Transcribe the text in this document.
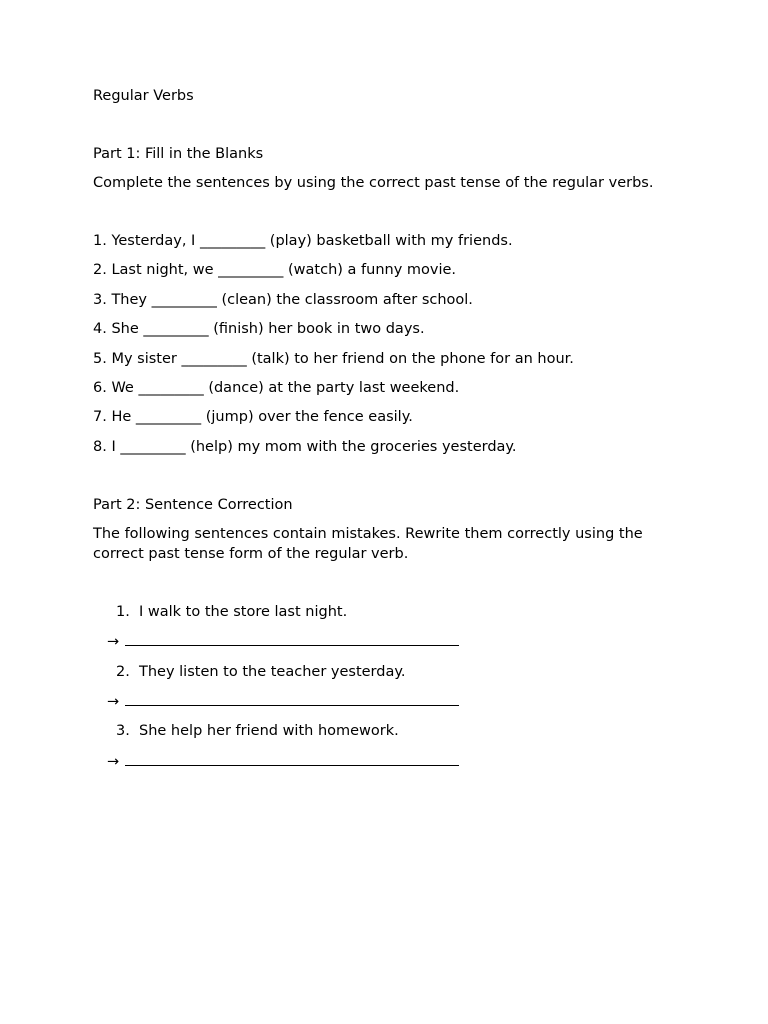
Regular Verbs

Part 1: Fill in the Blanks

Complete the sentences by using the correct past tense of the regular verbs.

1. Yesterday, I _________ (play) basketball with my friends.

2. Last night, we _________ (watch) a funny movie.

3. They _________ (clean) the classroom after school.

4. She _________ (finish) her book in two days.

5. My sister _________ (talk) to her friend on the phone for an hour.

6. We _________ (dance) at the party last weekend.

7. He _________ (jump) over the fence easily.

8. I _________ (help) my mom with the groceries yesterday.

Part 2: Sentence Correction

The following sentences contain mistakes. Rewrite them correctly using the correct past tense form of the regular verb.

1. I walk to the store last night.

→

2. They listen to the teacher yesterday.

→

3. She help her friend with homework.

→
